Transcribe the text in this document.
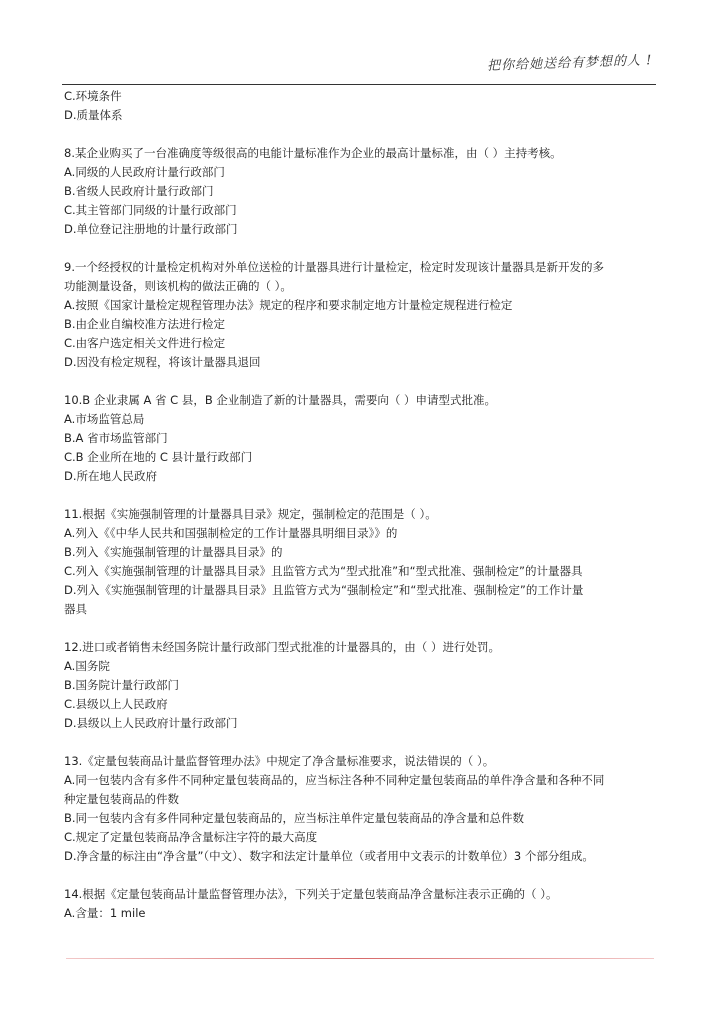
把你给她送给有梦想的人 !
C.环境条件
D.质量体系
8.某企业购买了一台准确度等级很高的电能计量标准作为企业的最高计量标准，由（ ）主持考核。
A.同级的人民政府计量行政部门
B.省级人民政府计量行政部门
C.其主管部门同级的计量行政部门
D.单位登记注册地的计量行政部门
9.一个经授权的计量检定机构对外单位送检的计量器具进行计量检定，检定时发现该计量器具是新开发的多
功能测量设备，则该机构的做法正确的（ ）。
A.按照《国家计量检定规程管理办法》规定的程序和要求制定地方计量检定规程进行检定
B.由企业自编校准方法进行检定
C.由客户选定相关文件进行检定
D.因没有检定规程，将该计量器具退回
10.B 企业隶属 A 省 C 县，B 企业制造了新的计量器具，需要向（ ）申请型式批准。
A.市场监管总局
B.A 省市场监管部门
C.B 企业所在地的 C 县计量行政部门
D.所在地人民政府
11.根据《实施强制管理的计量器具目录》规定，强制检定的范围是（ ）。
A.列入《《中华人民共和国强制检定的工作计量器具明细目录》》的
B.列入《实施强制管理的计量器具目录》的
C.列入《实施强制管理的计量器具目录》且监管方式为“型式批准”和“型式批准、强制检定”的计量器具
D.列入《实施强制管理的计量器具目录》且监管方式为“强制检定”和“型式批准、强制检定”的工作计量
器具
12.进口或者销售未经国务院计量行政部门型式批准的计量器具的，由（ ）进行处罚。
A.国务院
B.国务院计量行政部门
C.县级以上人民政府
D.县级以上人民政府计量行政部门
13.《定量包装商品计量监督管理办法》中规定了净含量标准要求，说法错误的（ ）。
A.同一包装内含有多件不同种定量包装商品的，应当标注各种不同种定量包装商品的单件净含量和各种不同
种定量包装商品的件数
B.同一包装内含有多件同种定量包装商品的，应当标注单件定量包装商品的净含量和总件数
C.规定了定量包装商品净含量标注字符的最大高度
D.净含量的标注由“净含量”（中文）、数字和法定计量单位（或者用中文表示的计数单位）3 个部分组成。
14.根据《定量包装商品计量监督管理办法》，下列关于定量包装商品净含量标注表示正确的（ ）。
A.含量：1 mile
